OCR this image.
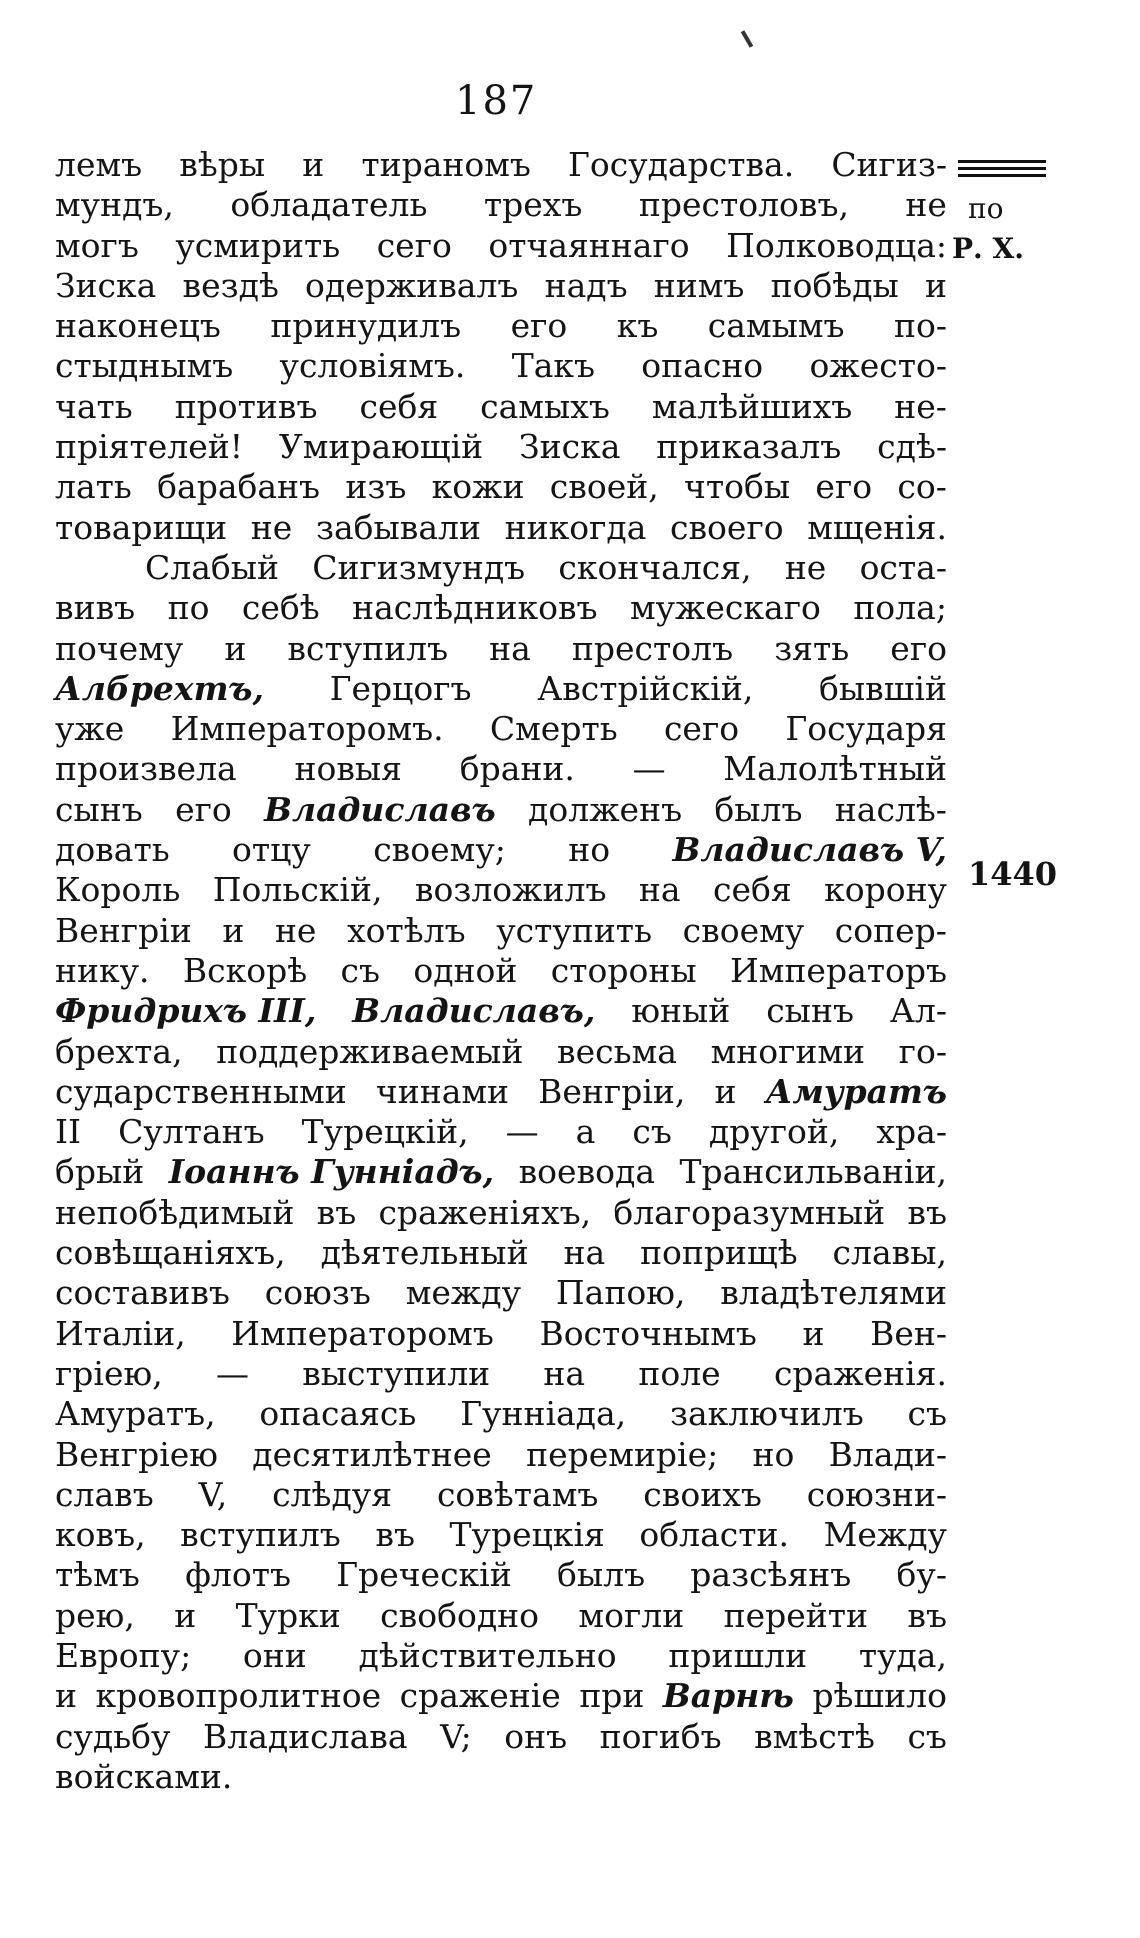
187
по
Р. Х.
1440
лемъ вѣры и тираномъ Государства. Сигиз-
мундъ, обладатель трехъ престоловъ, не
могъ усмирить сего отчаяннаго Полководца:
Зиска вездѣ одерживалъ надъ нимъ побѣды и
наконецъ принудилъ его къ самымъ по-
стыднымъ условіямъ. Такъ опасно ожесто-
чать противъ себя самыхъ малѣйшихъ не-
пріятелей! Умирающій Зиска приказалъ сдѣ-
лать барабанъ изъ кожи своей, чтобы его со-
товарищи не забывали никогда своего мщенія.
Слабый Сигизмундъ скончался, не оста-
вивъ по себѣ наслѣдниковъ мужескаго пола;
почему и вступилъ на престолъ зять его
Албрехтъ, Герцогъ Австрійскій, бывшій
уже Императоромъ. Смерть сего Государя
произвела новыя брани. — Малолѣтный
сынъ его Владиславъ долженъ былъ наслѣ-
довать отцу своему; но Владиславъ V,
Король Польскій, возложилъ на себя корону
Венгріи и не хотѣлъ уступить своему сопер-
нику. Вскорѣ съ одной стороны Императоръ
Фридрихъ III, Владиславъ, юный сынъ Ал-
брехта, поддерживаемый весьма многими го-
сударственными чинами Венгріи, и Амуратъ
II Султанъ Турецкій, — а съ другой, хра-
брый Іоаннъ Гунніадъ, воевода Трансильваніи,
непобѣдимый въ сраженіяхъ, благоразумный въ
совѣщаніяхъ, дѣятельный на поприщѣ славы,
составивъ союзъ между Папою, владѣтелями
Италіи, Императоромъ Восточнымъ и Вен-
гріею, — выступили на поле сраженія.
Амуратъ, опасаясь Гунніада, заключилъ съ
Венгріею десятилѣтнее перемиріе; но Влади-
славъ V, слѣдуя совѣтамъ своихъ союзни-
ковъ, вступилъ въ Турецкія области. Между
тѣмъ флотъ Греческій былъ разсѣянъ бу-
рею, и Турки свободно могли перейти въ
Европу; они дѣйствительно пришли туда,
и кровопролитное сраженіе при Варнѣ рѣшило
судьбу Владислава V; онъ погибъ вмѣстѣ съ
войсками.
